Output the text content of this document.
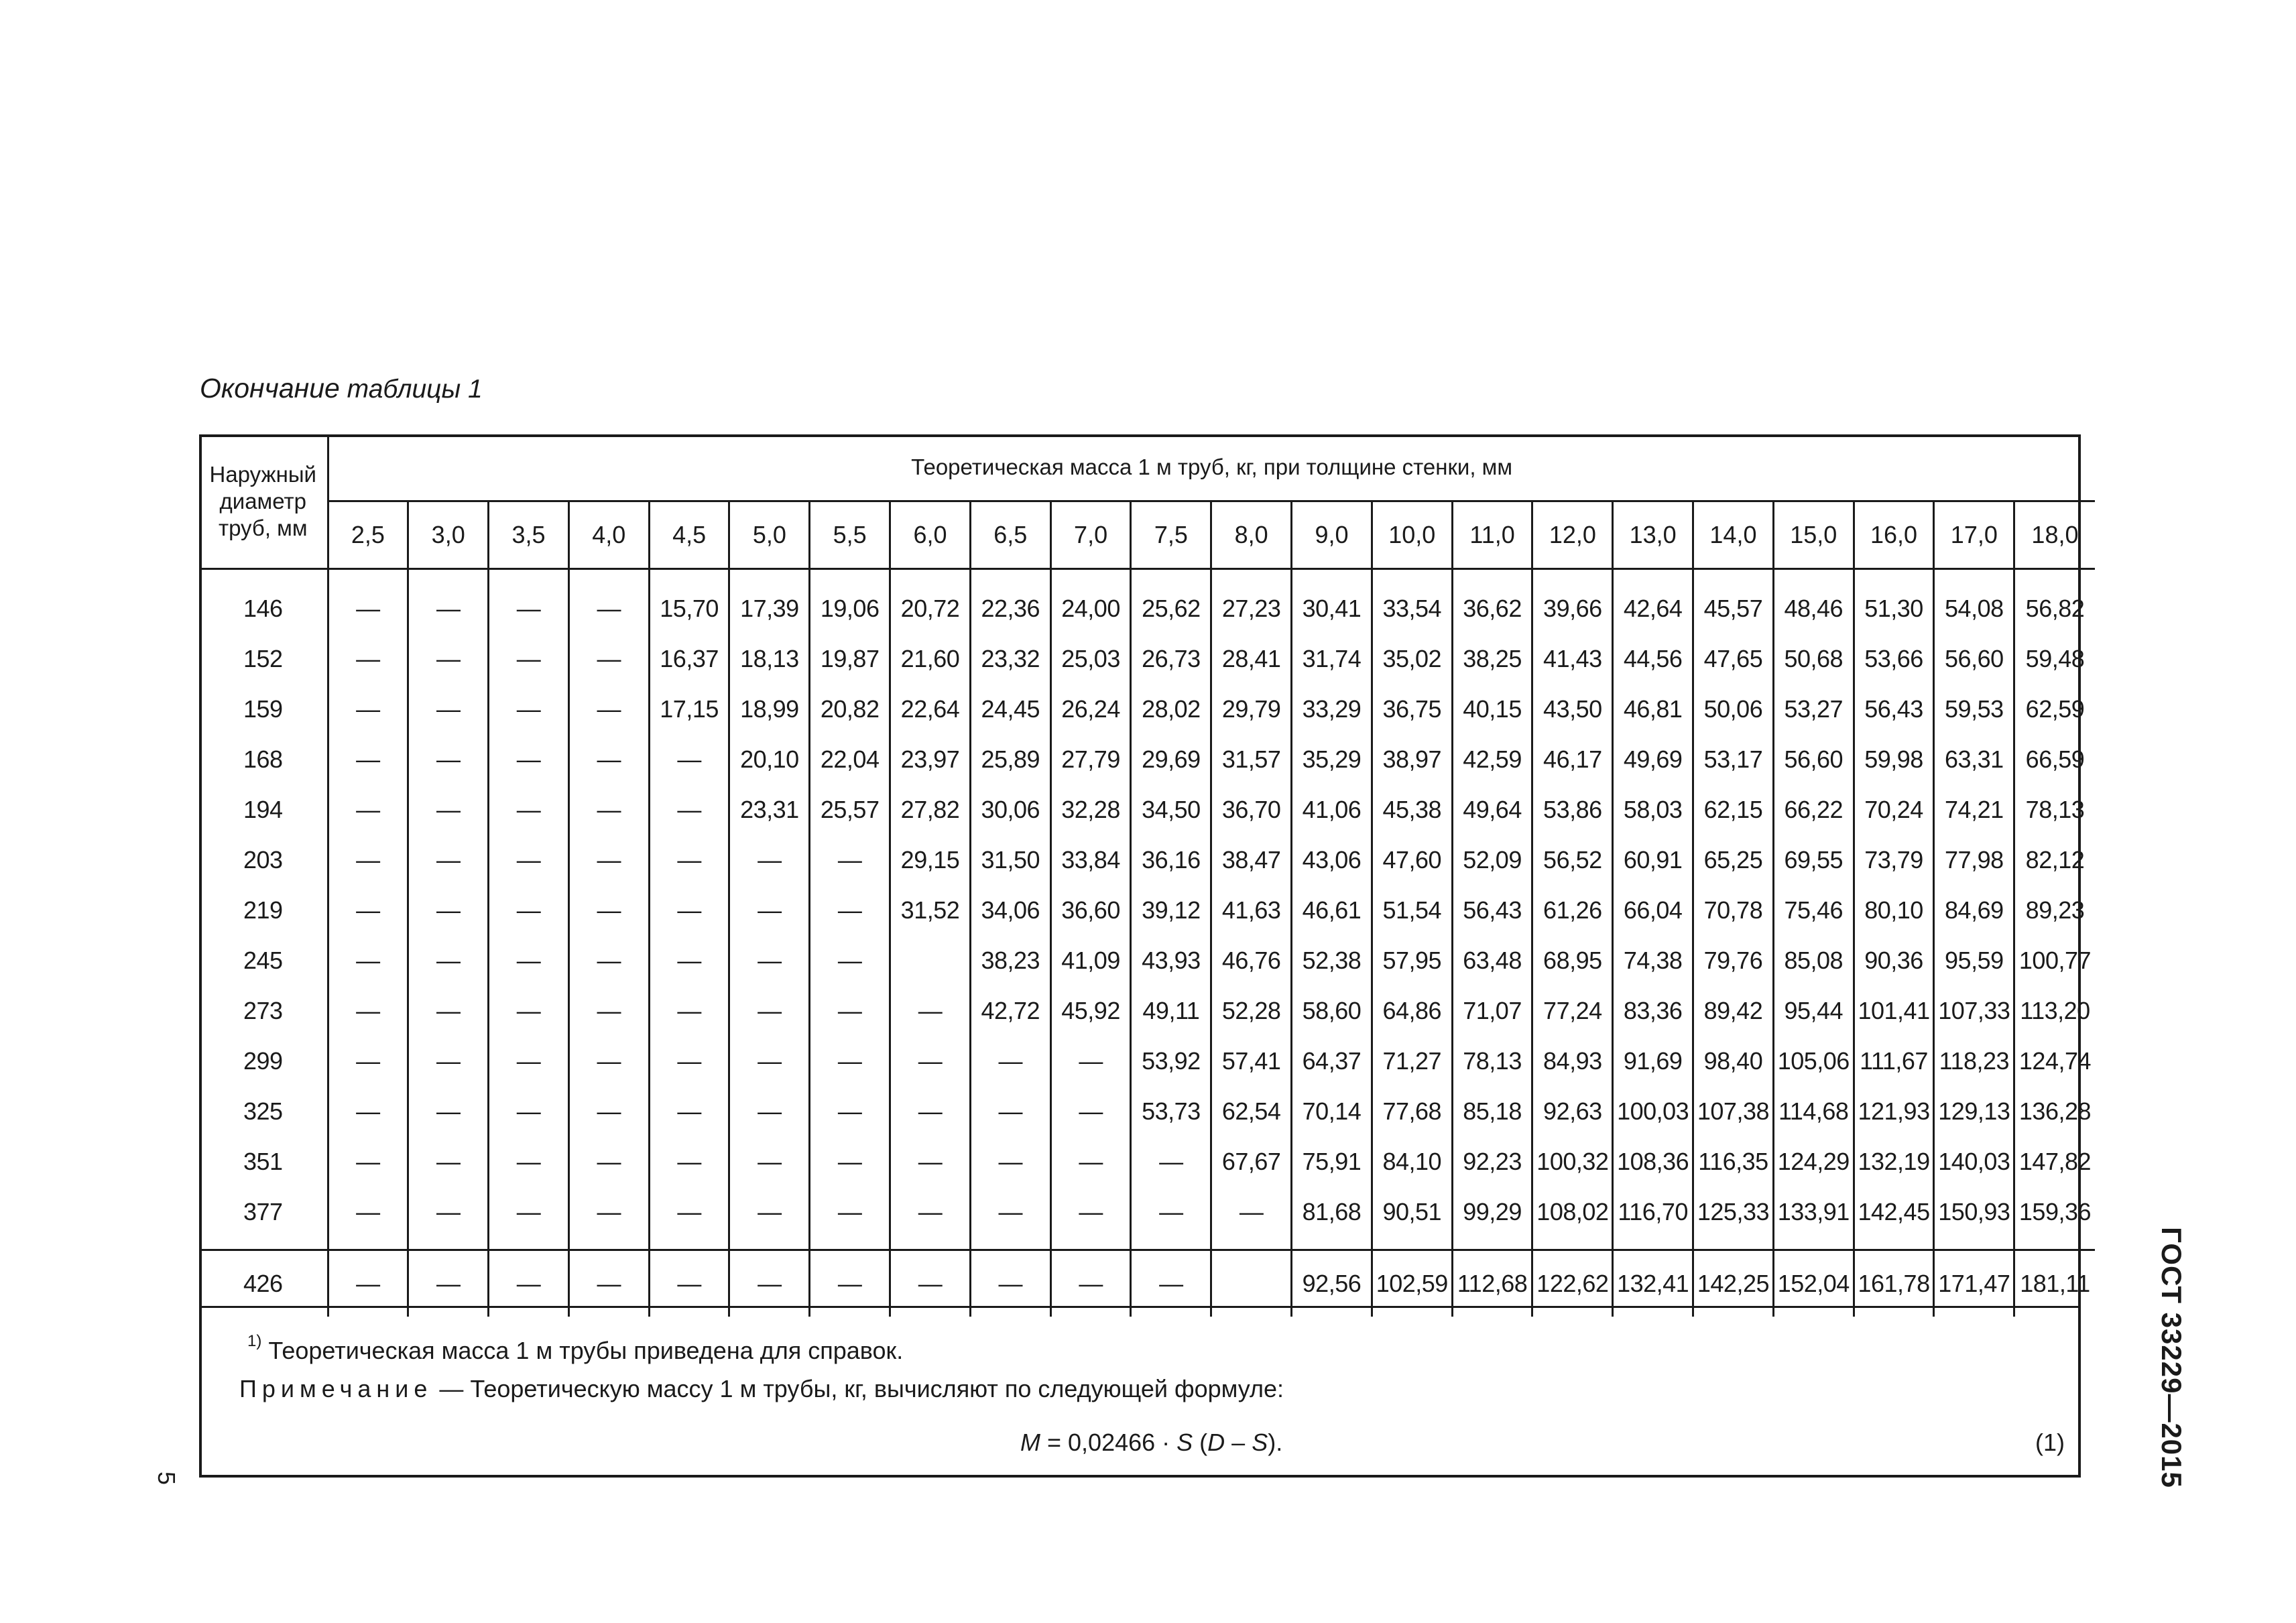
Окончание таблицы 1
Наружный
диаметр
труб, мм	Теоретическая масса 1 м труб, кг, при толщине стенки, мм																					
	2,5	3,0	3,5	4,0	4,5	5,0	5,5	6,0	6,5	7,0	7,5	8,0	9,0	10,0	11,0	12,0	13,0	14,0	15,0	16,0	17,0	18,0
146	—	—	—	—	15,70	17,39	19,06	20,72	22,36	24,00	25,62	27,23	30,41	33,54	36,62	39,66	42,64	45,57	48,46	51,30	54,08	56,82
152	—	—	—	—	16,37	18,13	19,87	21,60	23,32	25,03	26,73	28,41	31,74	35,02	38,25	41,43	44,56	47,65	50,68	53,66	56,60	59,48
159	—	—	—	—	17,15	18,99	20,82	22,64	24,45	26,24	28,02	29,79	33,29	36,75	40,15	43,50	46,81	50,06	53,27	56,43	59,53	62,59
168	—	—	—	—	—	20,10	22,04	23,97	25,89	27,79	29,69	31,57	35,29	38,97	42,59	46,17	49,69	53,17	56,60	59,98	63,31	66,59
194	—	—	—	—	—	23,31	25,57	27,82	30,06	32,28	34,50	36,70	41,06	45,38	49,64	53,86	58,03	62,15	66,22	70,24	74,21	78,13
203	—	—	—	—	—	—	—	29,15	31,50	33,84	36,16	38,47	43,06	47,60	52,09	56,52	60,91	65,25	69,55	73,79	77,98	82,12
219	—	—	—	—	—	—	—	31,52	34,06	36,60	39,12	41,63	46,61	51,54	56,43	61,26	66,04	70,78	75,46	80,10	84,69	89,23
245	—	—	—	—	—	—	—		38,23	41,09	43,93	46,76	52,38	57,95	63,48	68,95	74,38	79,76	85,08	90,36	95,59	100,77
273	—	—	—	—	—	—	—	—	42,72	45,92	49,11	52,28	58,60	64,86	71,07	77,24	83,36	89,42	95,44	101,41	107,33	113,20
299	—	—	—	—	—	—	—	—	—	—	53,92	57,41	64,37	71,27	78,13	84,93	91,69	98,40	105,06	111,67	118,23	124,74
325	—	—	—	—	—	—	—	—	—	—	53,73	62,54	70,14	77,68	85,18	92,63	100,03	107,38	114,68	121,93	129,13	136,28
351	—	—	—	—	—	—	—	—	—	—	—	67,67	75,91	84,10	92,23	100,32	108,36	116,35	124,29	132,19	140,03	147,82
377	—	—	—	—	—	—	—	—	—	—	—	—	81,68	90,51	99,29	108,02	116,70	125,33	133,91	142,45	150,93	159,36
426	—	—	—	—	—	—	—	—	—	—	—		92,56	102,59	112,68	122,62	132,41	142,25	152,04	161,78	171,47	181,11
$^{1)}$ Теоретическая масса 1 м трубы приведена для справок.
Примечание — Теоретическую массу 1 м трубы, кг, вычисляют по следующей формуле:
M = 0,02466 · S (D – S).	(1)	ГОСТ 33229—2015
5
